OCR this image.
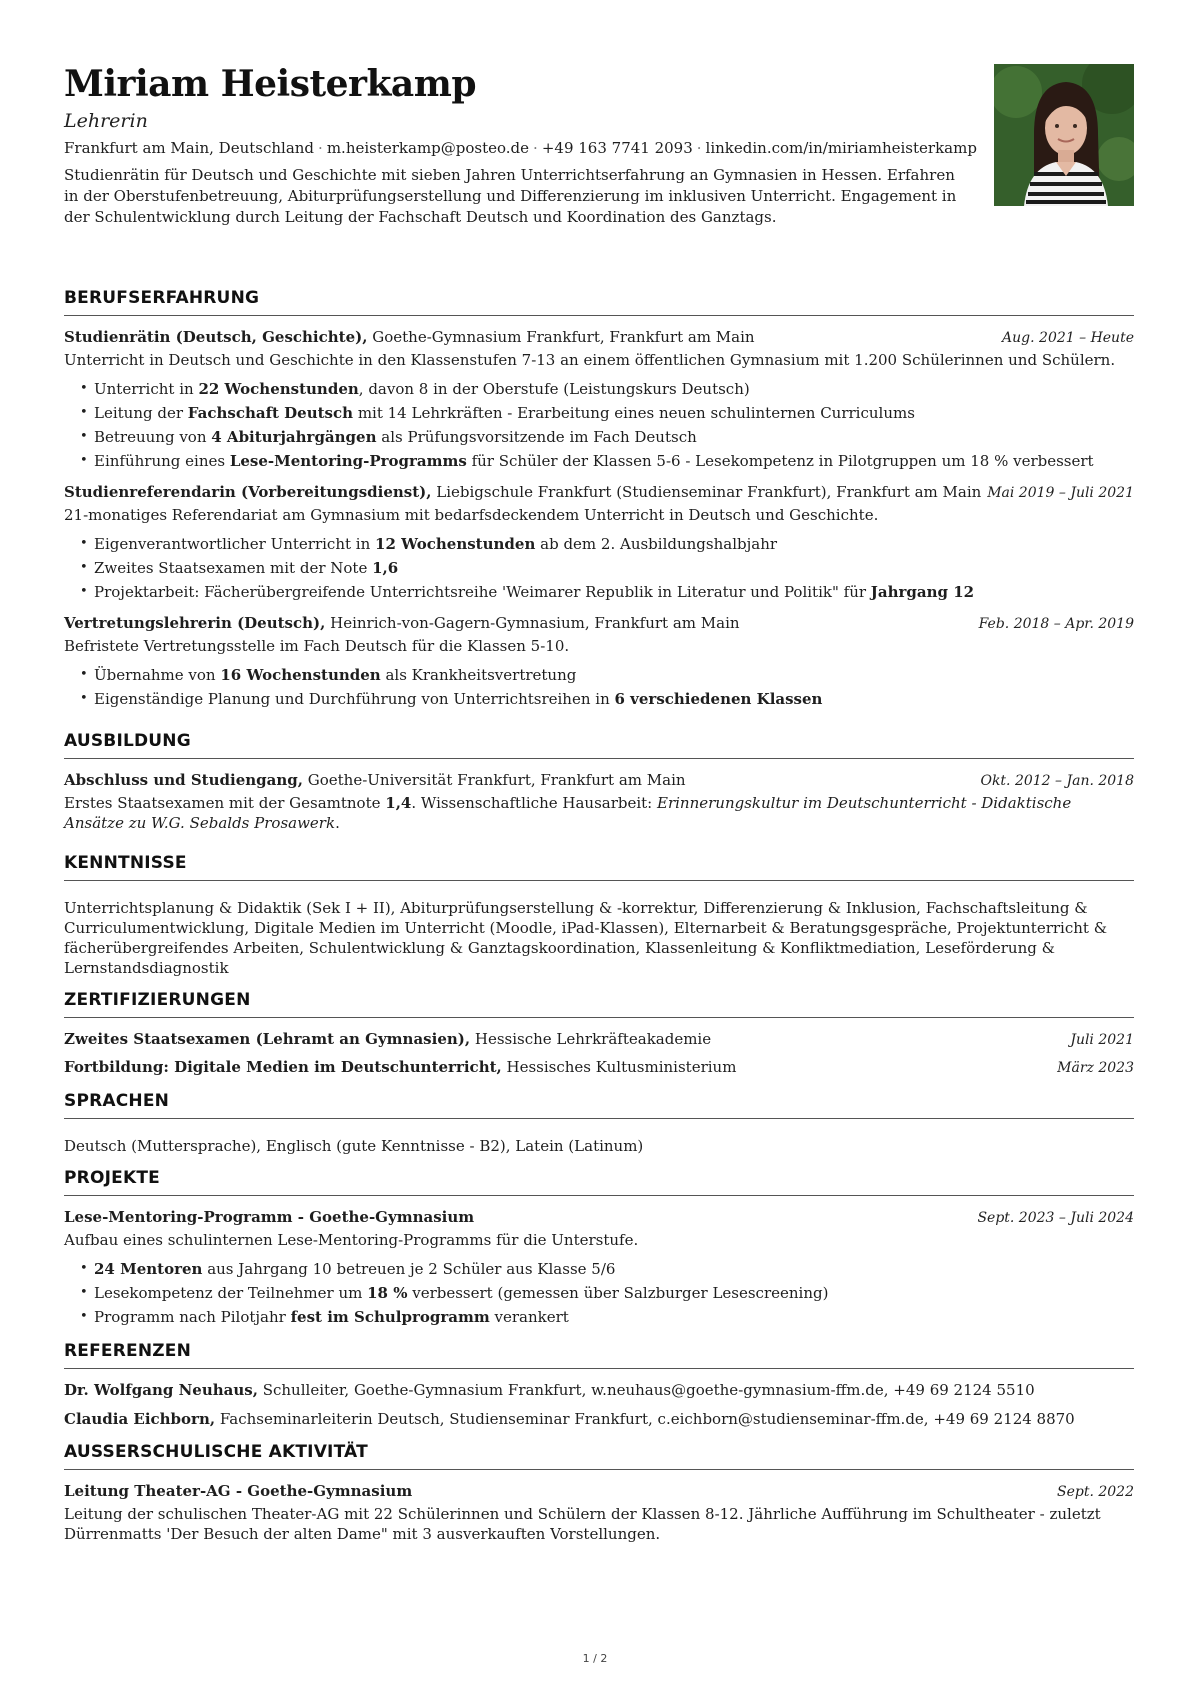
Miriam Heisterkamp
Lehrerin
Frankfurt am Main, Deutschland · m.heisterkamp@posteo.de · +49 163 7741 2093 · linkedin.com/in/miriamheisterkamp
Studienrätin für Deutsch und Geschichte mit sieben Jahren Unterrichtserfahrung an Gymnasien in Hessen. Erfahren in der Oberstufenbetreuung, Abiturprüfungserstellung und Differenzierung im inklusiven Unterricht. Engagement in der Schulentwicklung durch Leitung der Fachschaft Deutsch und Koordination des Ganztags.
BERUFSERFAHRUNG
Studienrätin (Deutsch, Geschichte), Goethe-Gymnasium Frankfurt, Frankfurt am Main	Aug. 2021 – Heute
Unterricht in Deutsch und Geschichte in den Klassenstufen 7-13 an einem öffentlichen Gymnasium mit 1.200 Schülerinnen und Schülern.
• Unterricht in 22 Wochenstunden, davon 8 in der Oberstufe (Leistungskurs Deutsch)
• Leitung der Fachschaft Deutsch mit 14 Lehrkräften - Erarbeitung eines neuen schulinternen Curriculums
• Betreuung von 4 Abiturjahrgängen als Prüfungsvorsitzende im Fach Deutsch
• Einführung eines Lese-Mentoring-Programms für Schüler der Klassen 5-6 - Lesekompetenz in Pilotgruppen um 18 % verbessert
Studienreferendarin (Vorbereitungsdienst), Liebigschule Frankfurt (Studienseminar Frankfurt), Frankfurt am Main Mai 2019 – Juli 2021
21-monatiges Referendariat am Gymnasium mit bedarfsdeckendem Unterricht in Deutsch und Geschichte.
• Eigenverantwortlicher Unterricht in 12 Wochenstunden ab dem 2. Ausbildungshalbjahr
• Zweites Staatsexamen mit der Note 1,6
• Projektarbeit: Fächerübergreifende Unterrichtsreihe 'Weimarer Republik in Literatur und Politik" für Jahrgang 12
Vertretungslehrerin (Deutsch), Heinrich-von-Gagern-Gymnasium, Frankfurt am Main	Feb. 2018 – Apr. 2019
Befristete Vertretungsstelle im Fach Deutsch für die Klassen 5-10.
• Übernahme von 16 Wochenstunden als Krankheitsvertretung
• Eigenständige Planung und Durchführung von Unterrichtsreihen in 6 verschiedenen Klassen
AUSBILDUNG
Abschluss und Studiengang, Goethe-Universität Frankfurt, Frankfurt am Main	Okt. 2012 – Jan. 2018
Erstes Staatsexamen mit der Gesamtnote 1,4. Wissenschaftliche Hausarbeit: Erinnerungskultur im Deutschunterricht - Didaktische Ansätze zu W.G. Sebalds Prosawerk.
KENNTNISSE
Unterrichtsplanung & Didaktik (Sek I + II), Abiturprüfungserstellung & -korrektur, Differenzierung & Inklusion, Fachschaftsleitung & Curriculumentwicklung, Digitale Medien im Unterricht (Moodle, iPad-Klassen), Elternarbeit & Beratungsgespräche, Projektunterricht & fächerübergreifendes Arbeiten, Schulentwicklung & Ganztagskoordination, Klassenleitung & Konfliktmediation, Leseförderung & Lernstandsdiagnostik
ZERTIFIZIERUNGEN
Zweites Staatsexamen (Lehramt an Gymnasien), Hessische Lehrkräfteakademie	Juli 2021
Fortbildung: Digitale Medien im Deutschunterricht, Hessisches Kultusministerium	März 2023
SPRACHEN
Deutsch (Muttersprache), Englisch (gute Kenntnisse - B2), Latein (Latinum)
PROJEKTE
Lese-Mentoring-Programm - Goethe-Gymnasium	Sept. 2023 – Juli 2024
Aufbau eines schulinternen Lese-Mentoring-Programms für die Unterstufe.
• 24 Mentoren aus Jahrgang 10 betreuen je 2 Schüler aus Klasse 5/6
• Lesekompetenz der Teilnehmer um 18 % verbessert (gemessen über Salzburger Lesescreening)
• Programm nach Pilotjahr fest im Schulprogramm verankert
REFERENZEN
Dr. Wolfgang Neuhaus, Schulleiter, Goethe-Gymnasium Frankfurt, w.neuhaus@goethe-gymnasium-ffm.de, +49 69 2124 5510
Claudia Eichborn, Fachseminarleiterin Deutsch, Studienseminar Frankfurt, c.eichborn@studienseminar-ffm.de, +49 69 2124 8870
AUSSERSCHULISCHE AKTIVITÄT
Leitung Theater-AG - Goethe-Gymnasium	Sept. 2022
Leitung der schulischen Theater-AG mit 22 Schülerinnen und Schülern der Klassen 8-12. Jährliche Aufführung im Schultheater - zuletzt Dürrenmatts 'Der Besuch der alten Dame" mit 3 ausverkauften Vorstellungen.
1 / 2
